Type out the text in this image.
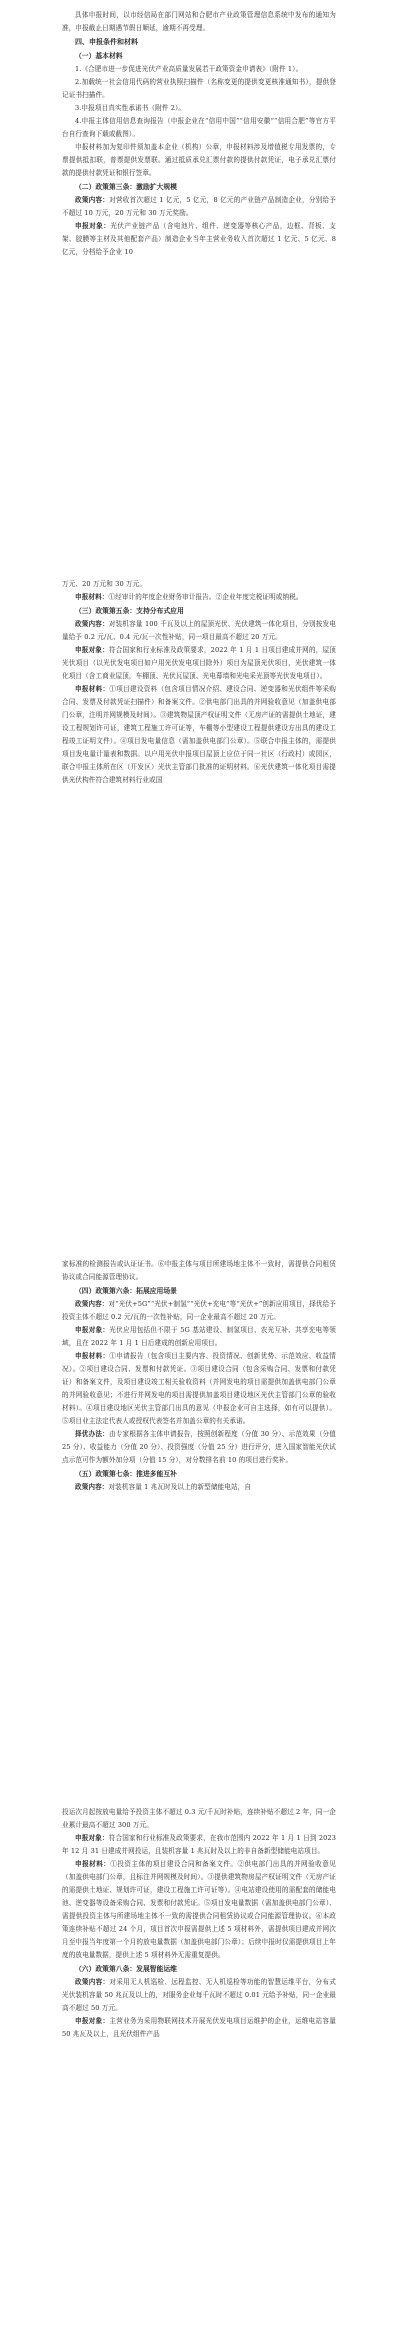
具体申报时间，以市经信局在部门网站和合肥市产业政策管理信息系统中发布的通知为准，申报截止日期遇节假日顺延，逾期不再受理。

四、申报条件和材料

（一）基本材料

1.《合肥市进一步促进光伏产业高质量发展若干政策资金申请表》（附件 1）。

2.加载统一社会信用代码的营业执照扫描件（名称变更的提供变更核准通知书），提供登记证书扫描件。

3.申报项目真实性承诺书（附件 2）。

4.申报主体信用信息查询报告（申报企业在“信用中国”“信用安徽”“信用合肥”等官方平台自行查询下载或截图）。

申报材料加为复印件须加盖本企业（机构）公章，申报材料涉及增值税专用发票的，专票提供抵扣联，普票提供发票联。通过抵质承兑汇票付款的提供付款凭证，电子承兑汇票付款的提供付款凭证和银行签章。

（二）政策第三条：激励扩大规模

政策内容：对营收首次超过 1 亿元，5 亿元，8 亿元的产业链产品制造企业，分别给予不超过 10 万元，20 万元和 30 万元奖励。

申报对象：光伏产业链产品（含电池片、组件、逆变器等核心产品，边框、背板、支架、胶膜等主材及其他配套产品）制造企业当年主营业务收入首次超过 1 亿元、5 亿元、8 亿元，分档给予企业 10

万元、20 万元和 30 万元。

申报材料：①经审计的年度企业财务审计报告。②企业年度完税证明或纳税。

（三）政策第五条：支持分布式应用

政策内容：对装机容量 100 千瓦及以上的屋顶光伏、光伏建筑一体化项目，分别按发电量给予 0.2 元/瓦、0.4 元/瓦一次性补贴，同一项目最高不超过 20 万元。

申报对象：符合国家和行业标准及政策要求，2022 年 1 月 1 日项目建成并网的，屋顶光伏项目（以光伏发电项目如户用光伏发电项目除外）项目为屋顶光伏项目，光伏建筑一体化项目（含工商业屋顶，车棚顶、光伏瓦屋顶、光电幕墙和光电采光顶等光伏发电项目）。

申报材料：①项目建设资料（包含项目情况介绍、建设合同、逆变器和光伏组件等采购合同、发票及付款凭证扫描件）和备案文件。②供电部门出具的并网验收意见（加盖供电部门公章，注明并网规模及时间）。③建筑物屋顶产权证明文件（无房产证的需提供土地证，建设工程规划许可证，建筑工程施工许可证等，车棚等小型建设工程提供建设方出具的建设工程竣工证明文件）。④项目发电量信息（需加盖供电部门公章）。⑤联合申报主体的，需提供项目发电量计量表和数据。以户用光伏申报项目屋顶上应位于同一社区（行政村）或园区，联合申报主体所在区（开发区）光伏主管部门批准的证明材料。⑥光伏建筑一体化项目需提供光伏构件符合建筑材料行业或国

家标准的检测报告或认证证书。⑥申报主体与项目所建场地主体不一致时，需提供合同租赁协议或合同能源管理协议。

（四）政策第六条：拓展应用场景

政策内容：对“光伏+5G”“光伏+制氢”“光伏+充电”等“光伏+”创新应用项目，择优给予投资主体不超过 0.2 元/瓦的一次性补贴，同一企业最高不超过 20 万元。

申报对象：光伏应用包括但不限于 5G 基站建设、制氢项目、农光互补、共享充电等领域，且在 2022 年 1 月 1 日后建成的创新应用项目。

申报材料：①申请报告（包含项目主要内容、投资情况、创新优势、示范效应、收益情况）。②项目建设合同、发票和付款凭证。③项目建设合同（包含采购合同、发票和付款凭证）和备案文件，及项目建设竣工相关验收资料（并网发电的项目需提供加盖供电部门公章的并网验收意见；不进行并网发电的项目需提供加盖项目建设地区光伏主管部门公章的验收材料）。④项目建设地区光伏主管部门出具的意见（申报企业可自主选择，如有可以提供）。⑤项目业主法定代表人或授权代表签名并加盖公章的有关承诺。

择优办法：由专家根据各主体申请报告，按照创新程度（分值 30 分）、示范效果（分值 25 分）、收益能力（分值 20 分）、投资强度（分值 25 分）进行评分，进入国家智能光伏试点示范可作为额外加分项（分值 15 分），对分数排名前 10 的项目进行奖补。

（五）政策第七条：推进多能互补

政策内容：对装机容量 1 兆瓦时及以上的新型储能电站，自

投运次月起按放电量给予投资主体不超过 0.3 元/千瓦时补贴，连续补贴不超过 2 年，同一企业累计最高不超过 300 万元。

申报对象：符合国家和行业标准及政策要求，在我市范围内 2022 年 1 月 1 日到 2023 年 12 月 31 日建成并网投运，且装机容量 1 兆瓦时及以上的非自备新型储能电站项目。

申报材料：①投资主体的项目建设合同和备案文件。②供电部门出具的并网验收意见（加盖供电部门公章，且标注并网规模及时间）。③提供建筑物房屋产权证明文件（无房产证的需提供土地证、规划许可证，建设工程施工许可证等）。④电站建设使用的需配套的储能电池、逆变器等设备采购合同、发票和付款凭证。⑤项目发电量数据（需加盖供电部门公章）、需提供投资主体与所建场地主体不一致的需提供合同租赁协议或合同能源管理协议。⑥本政策连续补贴不超过 24 个月，项目首次申报需提供上述 5 项材料外，需提供项目建成并网次月至申报当年度第一个月的放电量数据（加盖供电部门公章）；后续申报时仅需提供项目上年度的放电量数据，提供上述 5 项材料外无需重复提供。

（六）政策第八条：发展智能运维

政策内容：对采用无人机巡检、远程监控、无人机巡检等功能的智慧运维平台，分布式光伏装机容量 50 兆瓦及以上的，对服务企业每千瓦时不超过 0.01 元给予补贴，同一企业最高不超过 50 万元。

申报对象：主营业务为采用物联网技术开展光伏发电项目运维护的企业，运维电站容量 50 兆瓦及以上，且光伏组件产品
